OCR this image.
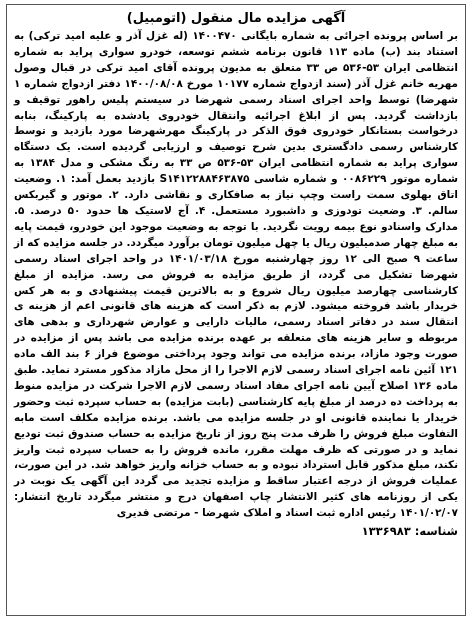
آگهی مزایده مال منقول (اتومبیل)

بر اساس پرونده اجرائی به شماره بایگانی ۱۴۰۰۴۷۰ (له غزل آذر و علیه امید ترکی) به استناد بند (ب) ماده ۱۱۳ قانون برنامه ششم توسعه، خودرو سواری پراید به شماره انتظامی ایران ۵۳-۵۳۶ ص ۳۳ متعلق به مدیون پرونده آقای امید ترکی در قبال وصول مهریه خانم غزل آذر (سند ازدواج شماره ۱۰۱۷۷ مورخ ۱۴۰۰/۰۸/۰۸ دفتر ازدواج شماره ۱ شهرضا) توسط واحد اجرای اسناد رسمی شهرضا در سیستم پلیس راهور توقیف و بازداشت گردید. پس از ابلاغ اجرائیه وانتقال خودروی یادشده به پارکینگ، بنابه درخواست بستانکار خودروی فوق الذکر در پارکینگ مهرشهرضا مورد بازدید و توسط کارشناس رسمی دادگستری بدین شرح توصیف و ارزیابی گردیده است. یک دستگاه سواری پراید به شماره انتظامی ایران ۵۳-۵۳۶ ص ۳۳ به رنگ مشکی و مدل ۱۳۸۴ به شماره موتور ۰۰۸۶۲۲۹ و شماره شاسی S۱۴۱۲۲۸۸۴۶۳۸۷۵ بازدید بعمل آمد: ۱. وضعیت اتاق بهلوی سمت راست وچپ نیاز به صافکاری و نقاشی دارد. ۲. موتور و گیربکس سالم. ۳. وضعیت تودوزی و داشبورد مستعمل. ۴. آج لاستیک ها حدود ۵۰ درصد. ۵. مدارک واسنادو نوع بیمه رویت نگردید. با توجه به وضعیت موجود این خودرو، قیمت پایه به مبلغ چهار صدمیلیون ریال یا چهل میلیون تومان برآورد میگردد. در جلسه مزایده که از ساعت ۹ صبح الی ۱۲ روز چهارشنبه مورخ ۱۴۰۱/۰۳/۱۸ در واحد اجرای اسناد رسمی شهرضا تشکیل می گردد، از طریق مزایده به فروش می رسد. مزایده از مبلغ کارشناسی چهارصد میلیون ریال شروع و به بالاترین قیمت پیشنهادی و به هر کس خریدار باشد فروخته میشود. لازم به ذکر است که هزینه های قانونی اعم از هزینه ی انتقال سند در دفاتر اسناد رسمی، مالیات دارایی و عوارض شهرداری و بدهی های مربوطه و سایر هزینه های متعلقه بر عهده برنده مزایده می باشد پس از مزایده در صورت وجود مازاد، برنده مزایده می تواند وجود پرداختی موضوع فراز ۶ بند الف ماده ۱۲۱ آئین نامه اجرای اسناد رسمی لازم الاجرا را از محل مازاد مذکور مسترد نماید. طبق ماده ۱۳۶ اصلاح آیین نامه اجرای مفاد اسناد رسمی لازم الاجرا شرکت در مزایده منوط به پرداخت ده درصد از مبلغ پایه کارشناسی (بابت مزایده) به حساب سپرده ثبت وحضور خریدار یا نماینده قانونی او در جلسه مزایده می باشد. برنده مزایده مکلف است مابه التفاوت مبلغ فروش را ظرف مدت پنج روز از تاریخ مزایده به حساب صندوق ثبت تودیع نماید و در صورتی که ظرف مهلت مقرر، مانده فروش را به حساب سپرده ثبت واریز نکند، مبلغ مذکور قابل استرداد نبوده و به حساب خزانه واریز خواهد شد. در این صورت، عملیات فروش از درجه اعتبار ساقط و مزایده تجدید می گردد این آگهی یک نوبت در یکی از روزنامه های کثیر الانتشار چاپ اصفهان درج و منتشر میگردد تاریخ انتشار: ۱۴۰۱/۰۲/۰۷ رئیس اداره ثبت اسناد و املاک شهرضا - مرتضی قدیری

شناسه: ۱۳۳۶۹۸۳
